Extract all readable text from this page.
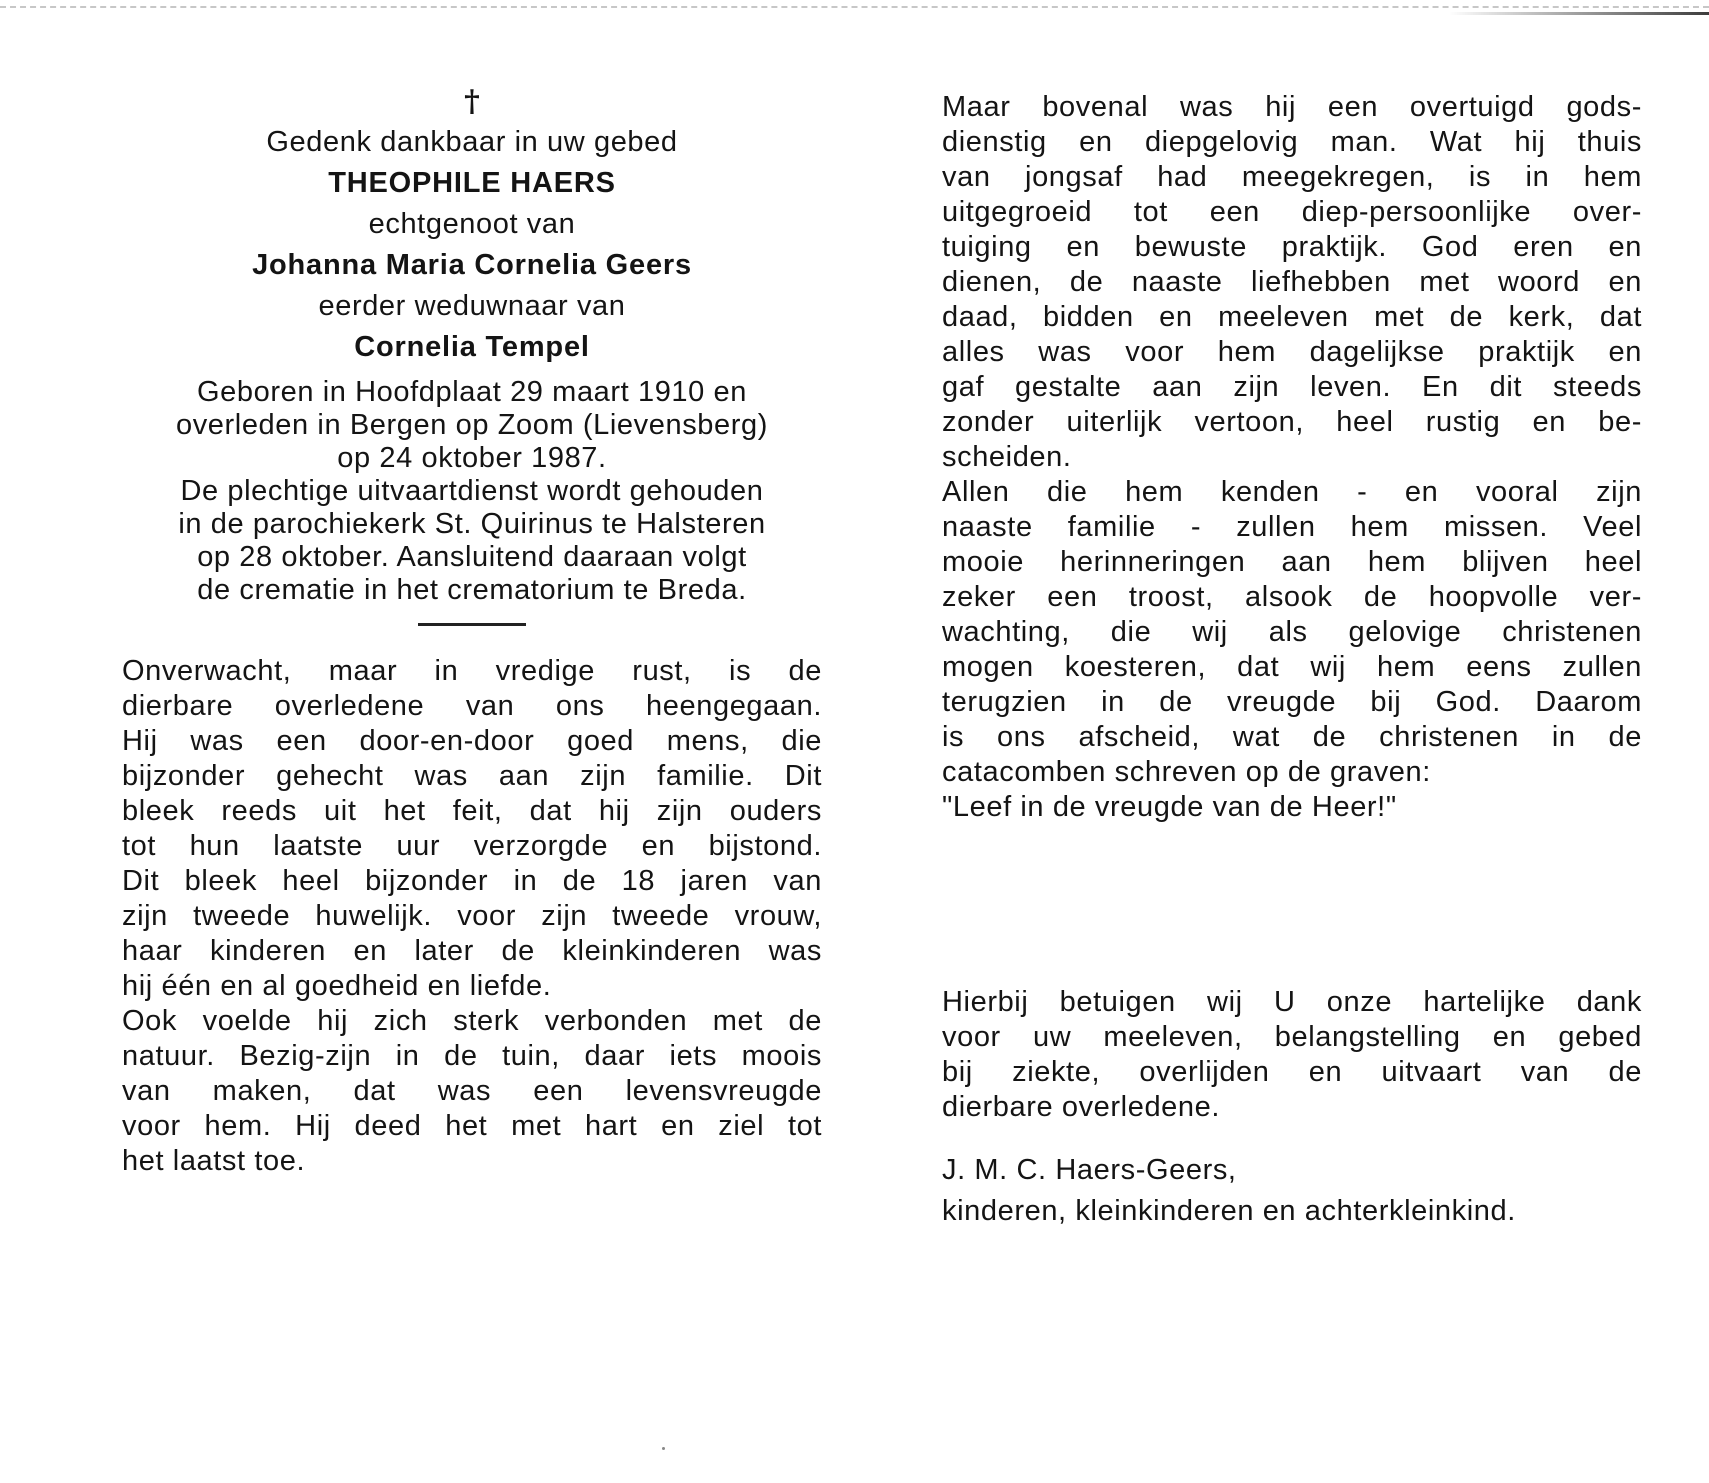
†
Gedenk dankbaar in uw gebed
THEOPHILE HAERS
echtgenoot van
Johanna Maria Cornelia Geers
eerder weduwnaar van
Cornelia Tempel
Geboren in Hoofdplaat 29 maart 1910 en
overleden in Bergen op Zoom (Lievensberg)
op 24 oktober 1987.
De plechtige uitvaartdienst wordt gehouden
in de parochiekerk St. Quirinus te Halsteren
op 28 oktober. Aansluitend daaraan volgt
de crematie in het crematorium te Breda.
Onverwacht, maar in vredige rust, is de
dierbare overledene van ons heengegaan.
Hij was een door-en-door goed mens, die
bijzonder gehecht was aan zijn familie. Dit
bleek reeds uit het feit, dat hij zijn ouders
tot hun laatste uur verzorgde en bijstond.
Dit bleek heel bijzonder in de 18 jaren van
zijn tweede huwelijk. voor zijn tweede vrouw,
haar kinderen en later de kleinkinderen was
hij één en al goedheid en liefde.
Ook voelde hij zich sterk verbonden met de
natuur. Bezig-zijn in de tuin, daar iets moois
van maken, dat was een levensvreugde
voor hem. Hij deed het met hart en ziel tot
het laatst toe.
Maar bovenal was hij een overtuigd gods-
dienstig en diepgelovig man. Wat hij thuis
van jongsaf had meegekregen, is in hem
uitgegroeid tot een diep-persoonlijke over-
tuiging en bewuste praktijk. God eren en
dienen, de naaste liefhebben met woord en
daad, bidden en meeleven met de kerk, dat
alles was voor hem dagelijkse praktijk en
gaf gestalte aan zijn leven. En dit steeds
zonder uiterlijk vertoon, heel rustig en be-
scheiden.
Allen die hem kenden - en vooral zijn
naaste familie - zullen hem missen. Veel
mooie herinneringen aan hem blijven heel
zeker een troost, alsook de hoopvolle ver-
wachting, die wij als gelovige christenen
mogen koesteren, dat wij hem eens zullen
terugzien in de vreugde bij God. Daarom
is ons afscheid, wat de christenen in de
catacomben schreven op de graven:
"Leef in de vreugde van de Heer!"
Hierbij betuigen wij U onze hartelijke dank
voor uw meeleven, belangstelling en gebed
bij ziekte, overlijden en uitvaart van de
dierbare overledene.
J. M. C. Haers-Geers,
kinderen, kleinkinderen en achterkleinkind.
